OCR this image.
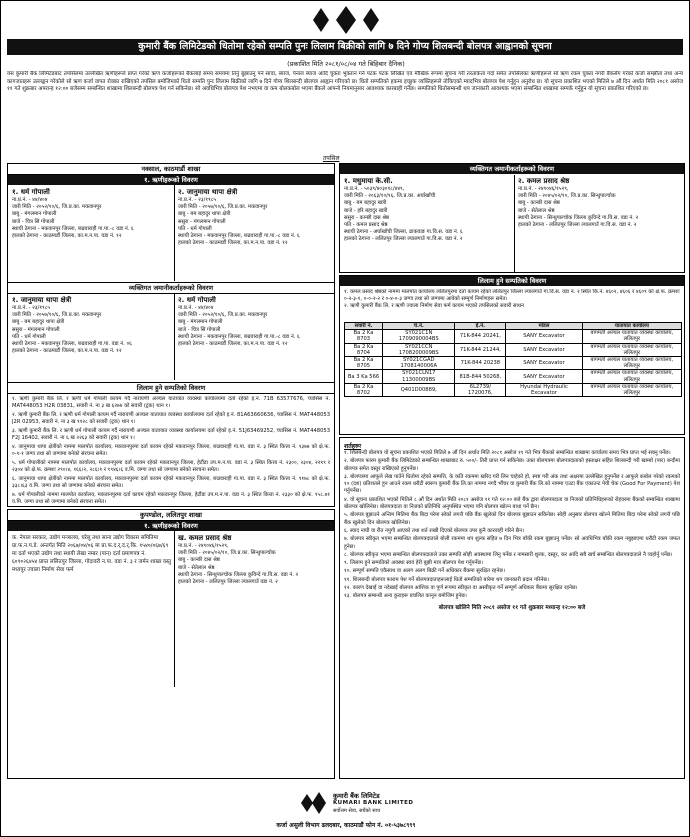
कुमारी बैंक लिमिटेडको धितोमा रहेको सम्पति पुनः लिलाम बिक्रीको लागि ७ दिने गोप्य शिलबन्दी बोलपत्र आह्वानको सूचना
(प्रकाशित मिति २०८१/०८/०४ गते बिहिबार दैनिक)
यस कुमारी बैंक लिमिटेडबाट तपसिलमा उल्लेखित ऋणीहरूले प्राप्त गरेको ऋण कर्जाहरूको बैंकलाई समय समयमा तिर्नु बुझाउनु पर्ने सांवा, ब्याज, पेनाल ब्याज आदि चुक्ता भुक्तान गर्न पटक पटक लिखित एवं मौखिक रूपमा सूचना गरी तरताकेता गर्दा समेत तपसिलका ऋणीहरूले सो ऋण रकम चुक्ता नगरी बैंकसँग गरेको कर्जा सम्झौता तथा अन्य कागजातहरू उल्लङ्घन गरेकोले सो ऋण कर्जा वापत रोक्का राखिएको तपसिल बमोजिमको धितो सम्पति पुनः लिलाम बिक्रीको लागि ७ दिने गोप्य शिलबन्दी बोलपत्र आह्वान गरिएको छ। धितो सम्पतिको हकमा इच्छुक व्यक्तिहरूले तोकिएको म्यादभित्र बोलपत्र पेश गर्नुहुन अनुरोध छ। यो सूचना प्रकाशित भएको मितिले ७ औं दिन अर्थात मिति २०८१ असोज ११ गते शुक्रबार अपरान्ह १२:०० बजेसम्म सम्बन्धित शाखामा शिलबन्दी बोलपत्र पेश गर्न सकिनेछ। सो अवधिभित्र बोलपत्र पेश नभएमा वा कम बोलकबोल भएमा बैंकले आफ्नो नियमानुसार आवश्यक कारबाही गर्नेछ। सम्पतिको धितोसम्बन्धी थप जानकारी आवश्यक भएमा सम्बन्धित शाखामा सम्पर्क गर्नुहुन यो सूचना प्रकाशित गरिएको छ।
तपसिल
नक्साल, काठमाडौं शाखा
१. ऋणीहरूको विवरण
१. धर्म गोपाली
ना.प्र.नं. - ४४/४०४
जारी मिति - २०५२/१०/६, जि.प्र.का. मकवानपुर
बाबु - मंगलमान गोपाली
बाजे - चित्र सिं गोपाली
स्थायी ठेगाना - मकवानपुर जिल्ला, बज्रवाराही गा.पा.-८ वडा नं. ६
हालको ठेगाना - काठमाडौं जिल्ला, का.म.न.पा. वडा नं. १२
२. जानुमाया थापा क्षेत्री
ना.प्र.नं. - २३/१९८५
जारी मिति - २०५७/१०/६, जि.प्र.का. मकवानपुर
बाबु - बम बहादुर थापा क्षेत्री
ससुरा - मंगलमान गोपाली
पति - धर्म गोपाली
स्थायी ठेगाना - मकवानपुर जिल्ला, बज्रवाराही गा.पा.-८ वडा नं. ६
हालको ठेगाना - काठमाडौं जिल्ला, का.म.न.पा. वडा नं. १२
व्यक्तिगत जमानीकर्ताहरूको विवरण
१. जानुमाया थापा क्षेत्री
ना.प्र.नं. - २३/१९८५
जारी मिति - २०५७/१०/६, जि.प्र.का. मकवानपुर
बाबु - बम बहादुर थापा क्षेत्री
ससुरा - मंगलमान गोपाली
पति - धर्म गोपाली
स्थायी ठेगाना - मकवानपुर जिल्ला, बज्रवाराही गा.पा. वडा नं. ०६
हालको ठेगाना - काठमाडौं जिल्ला, का.म.न.पा. वडा नं. १२
२. धर्म गोपाली
ना.प्र.नं. - ४४/४०४
जारी मिति - २०५२/१०/६, जि.प्र.का. मकवानपुर
बाबु - मंगलमान गोपाली
बाजे - चित्र सिं गोपाली
स्थायी ठेगाना - मकवानपुर जिल्ला, बज्रवाराही गा.पा.-८ वडा नं. ६
हालको ठेगाना - काठमाडौं जिल्ला, का.म.न.पा. वडा नं. १२
लिलाम हुने सम्पतिको विवरण
१. ऋणी कुमारी बैंक लि. र ऋणी धर्म गोपाली कायम गर्दै नारायणी अञ्चल यातायात व्यवस्था कार्यालयमा दर्ता रहेको इ.नं. 71B 63577676, च्यासिस नं. MAT448053 H2R 03831, सवारी नं. ना ३ ख ६२७४ को सवारी (ट्रक) थान १।
२. ऋणी कुमारी बैंक लि. र ऋणी धर्म गोपाली कायम गर्दै नारायणी अञ्चल यातायात व्यवस्था कार्यालयमा दर्ता रहेको इ.नं. 81A63660636, च्यासिस नं. MAT448053 J2R 02953, सवारी नं. ना ३ ख ९१२८ को सवारी (ट्रक) थान १।
३. ऋणी कुमारी बैंक लि. र ऋणी धर्म गोपाली कायम गर्दै नारायणी अञ्चल यातायात व्यवस्था कार्यालयमा दर्ता रहेको इ.नं. 51J63469252, च्यासिस नं. MAT448053 F2J 16402, सवारी नं. ना ६ ख २२६३ को सवारी (ट्रक) थान १।
४. जानुमाया थापा क्षेत्रीको नाममा मालपोत कार्यालय, मकवानपुरमा दर्ता कायम रहेको मकवानपुर जिल्ला, बज्रवाराही गा.पा. वडा नं. ३ स्थित कित्ता नं. ९३७७ को क्षे.फ. ०-१-१ जग्गा तथा सो जग्गामा बनेको संरचना समेत।
५. धर्म गोपालीको नाममा मालपोत कार्यालय, मकवानपुरमा दर्ता कायम रहेको मकवानपुर जिल्ला, हेटौंडा उप.म.न.पा. वडा नं. ३ स्थित कित्ता नं. २३००, २३०४, २२९९ र २३०४ को क्षे.फ. क्रमशः २९०।४, १६६।२, २८६।१ र १९४६।६ व.मि. जग्गा तथा सो जग्गामा बनेको संरचना समेत।
६. जानुमाया थापा क्षेत्रीको नाममा मालपोत कार्यालय, मकवानपुरमा दर्ता कायम रहेको मकवानपुर जिल्ला, बज्रवाराही गा.पा. वडा नं. ३ स्थित कित्ता नं. ९१७८ को क्षे.फ. ३३८।६३ व.मि. जग्गा तथा सो जग्गामा बनेको संरचना समेत।
७. धर्म गोपालीको नाममा मालपोत कार्यालय, मकवानपुरमा दर्ता कायम रहेको मकवानपुर जिल्ला, हेटौंडा उप.म.न.पा. वडा नं. ३ स्थित कित्ता नं. २३३० को क्षे.फ. १५८.७१ व.मि. जग्गा तथा सो जग्गामा बनेको संरचना समेत।
कुपण्डोल, ललितपुर शाखा
१. ऋणीहरूको विवरण
क. नेपाल सरकार, उद्योग मन्त्रालय, घरेलु तथा साना उद्योग विकास समितिमा प्रा.फ.न.प.डे. अन्तर्गत मिति २०६७/०४/०६ मा प्रा.फ.द.र्.द.र्.कि. १५४०/०६७/६९ मा दर्ता भएको उद्योग तथा स्थायी लेखा नम्बर (पान) दर्ता प्रमाणपत्र नं. ६०९०२६४५४ प्राप्त ललितपुर जिल्ला, गोदावरी न.पा. वडा नं. ३ र जर्मन शाखा वस्तु मध्यपुर ज्वाला निर्माण सेवा फर्म
ख. कमल प्रसाद श्रेष्ठ
ना.प्र.नं. - २४१०४६/१५२९,
जारी मिति - २०४५/०२/१०, जि.प्र.का. सिन्धुपाल्चोक
बाबु - कान्छी दास श्रेष्ठ
बाजे - सेतेलाल श्रेष्ठ
स्थायी ठेगाना - सिन्धुपाल्चोक जिल्ला कुविन्दे गा.वि.स. वडा नं. २
हालको ठेगाना - ललितपुर जिल्ला ल्यालगाउँ वडा नं. २
व्यक्तिगत जमानीकर्ताहरूको विवरण
१. मधुमाया के.सी.
ना.प्र.नं. - ५०३९/४०३०९८/४४९,
जारी मिति - २०६३/१०/१६, जि.प्र.का. अर्घाखाँची
बाबु - बम बहादुर खत्री
बाजे - हरि बहादुर खत्री
ससुरा - कान्छी दास श्रेष्ठ
पति - कमल प्रसाद श्रेष्ठ
स्थायी ठेगाना - अर्घाखाँची जिल्ला, ढाकवाङ गा.वि.स. वडा नं. ६
हालको ठेगाना - ललितपुर जिल्ला ल्यालगाउँ गा.वि.स. वडा नं. २
२. कमल प्रसाद श्रेष्ठ
ना.प्र.नं. - २४१०४६/१५२९,
जारी मिति - २०४५/०२/१०, जि.प्र.का. सिन्धुपाल्चोक
बाबु - कान्छी दास श्रेष्ठ
बाजे - सेतेलाल श्रेष्ठ
स्थायी ठेगाना - सिन्धुपाल्चोक जिल्ला कुविन्दे गा.वि.स. वडा नं. २
हालको ठेगाना - ललितपुर जिल्ला ल्यालगाउँ गा.वि.स. वडा नं. २
लिलाम हुने सम्पतिको विवरण
१. कमल प्रसाद श्रेष्ठको नाममा मालपोत कार्यालय ललितपुरमा दर्ता कायम रहेको ललितपुर जिल्ला ल्यालगाउँ गा.वि.स. वडा नं. २ स्थित कि.नं. ४६०२, ४६०६ र ४६०९ को क्षे.फ. क्रमशः ०-२-३-१, ०-०-२-२ र ०-४-०-३ जग्गा तथा सो जग्गामा आवेको सम्पूर्ण निर्माणहरू समेत।
२. ऋणी कुमारी बैंक लि. र ऋणी ज्वाला निर्माण सेवा फर्म कायम भएको तपसिलको सवारी साधन
सवारी नं.	चे.नं.	ई.नं.	मोडल	यातायात कार्यालय
Ba 2 Ka 8703	SY021C1N 1709090004BS	71K-844 20241,	SANY Excavator	बागमती अञ्चल यातायात व्यवस्था कार्यालय, ललितपुर
Ba 2 Ka 8704	SY021CCN 1708200009BS	71K-844 21244,	SANY Excavator	बागमती अञ्चल यातायात व्यवस्था कार्यालय, ललितपुर
Ba 2 Ka 8705	SY021CGAD 1708140006A	71K-844 20238	SANY Excavator	बागमती अञ्चल यातायात व्यवस्था कार्यालय, ललितपुर
Ba 3 Ka 566	SY021CLN17 11300009BS	81B-844 50268,	SANY Excavator	बागमती अञ्चल यातायात व्यवस्था कार्यालय, ललितपुर
Ba 2 Ka 8702	Q401D00889,	6L2739/ 1720076,	Hyundai Hydraulic Excavator	बागमती अञ्चल यातायात व्यवस्था कार्यालय, ललितपुर
शर्तहरूः
१. शिलबन्दी बोलपत्र यो सूचना प्रकाशित भएको मितिले ७ औं दिन अर्थात मिति २०८१ असोज ११ गते भित्र बैंकको सम्बन्धित शाखामा कार्यालय समय भित्र प्राप्त भई सक्नु पर्नेछ।
२. बोलपत्र फारम कुमारी बैंक लिमिटेडको सम्बन्धित शाखाबाट रु. ५००/- तिरी प्राप्त गर्न सकिनेछ। उक्त बोलपत्रमा बोलपत्रदाताको हस्ताक्षर सहित शिलबन्दी गरी खाम्बो (पार) बन्दीमा बोलपत्र समेत दस्तुर राखिएको हुनुपर्नेछ।
३. बोलपत्रमा आफूले लेख पाउँने धितोमा रहेको सम्पत्ति, के कति रकममा खरिद गरी लिन चाहेको हो, स्पष्ट गरी अंक तथा अक्षरमा उल्लेखित हुनुपर्नेछ र आफूले कबोल गरेको रकमको १० (दश) प्रतिशतले हुन आउने रकम धरौटी स्वरूप कुमारी बैंक लि.का नाममा नगदै भौंचर वा कुमारी बैंक लि.को नाममा एउटा बैंक एकाउन्ट पेयी चेक (Good For Payment) पेश गर्नुपर्नेछ।
४. यो सूचना प्रकाशित भएको मितिले ८ औं दिन अर्थात मिति २०८१ असोज ११ गते १२:०० बजे बैंक द्वारा बोलपत्रदाता वा निजको प्रतिनिधिहरूको रोहवरमा बैंकको सम्बन्धित शाखामा बोलपत्र खोलिनेछ। बोलपत्रदाता वा निजको प्रतिनिधि अनुपस्थित भएमा पनि बोलपत्र खोल्न बाधा पर्ने छैन।
५. बोलपत्र बुझाउने अन्तिम मितिमा बैंक बिदा परेमा सोको लगत्तै पछि बैंक खुलेको दिन बोलपत्र बुझाउन सकिनेछ। सोही अनुसार बोलपत्र खोल्ने मितिमा बिदा परेमा सोको लगत्तै पछि बैंक खुलेको दिन बोलपत्र खोलिनेछ।
६. स्याद नाघी वा रीत नपुगी आएको तथा शर्त राखी दिएको बोलपत्र उपर कुनै कारवाही गरिने छैन।
७. बोलपत्र स्वीकृत भएमा सम्बन्धित बोलपत्रदाताले बोली रकममा थप शुल्क सहित ७ दिन भित्र बाँकी रकम बुझाउनु पर्नेछ। सो अवधिभित्र बाँकी रकम नबुझाएमा धरौटी रकम जफत हुनेछ।
८. बोलपत्र स्वीकृत भएमा सम्बन्धित बोलपत्रदाताले उक्त सम्पति सोही अवस्थामा लिनु पर्नेछ र नामसारी शुल्क, दस्तुर, कर आदि सबै खर्च सम्बन्धित बोलपत्रदाताले नै व्यहोर्नु पर्नेछ।
९. लिलाम हुने सम्पतिको अवस्था स्वयं हेरी बुझी मात्र बोलपत्र पेश गर्नुपर्नेछ।
१०. सम्पूर्ण सम्पति एकैसाथ वा अलग अलग बिक्री गर्ने अधिकार बैंकमा सुरक्षित रहनेछ।
११. शिलबन्दी बोलपत्र फाराम पेश गर्ने बोलपत्रदाताहरूलाई धितो सम्पतिको बारेमा थप जानकारी प्रदान गरिनेछ।
१२. कारण देखाई वा नदेखाई बोलपत्र आंशिक वा पूर्ण रूपमा स्वीकृत वा अस्वीकृत गर्ने सम्पूर्ण अधिकार बैंकमा सुरक्षित रहनेछ।
१३. बोलपत्र सम्बन्धी अन्य कुराहरू प्रचलित कानून बमोजिम हुनेछ।
बोलपत्र खोलिने मिति २०८१ असोज ११ गते शुक्रबार मध्यान्ह १२:०० बजे
कुमारी बैंक लिमिटेड
KUMARI BANK LIMITED
सर्वोत्तम सेवा, सधैंको साथ
कर्जा असुली विभाग ढलदबार, काठमाडौं फोन नं. ०१-५३७८९९९
